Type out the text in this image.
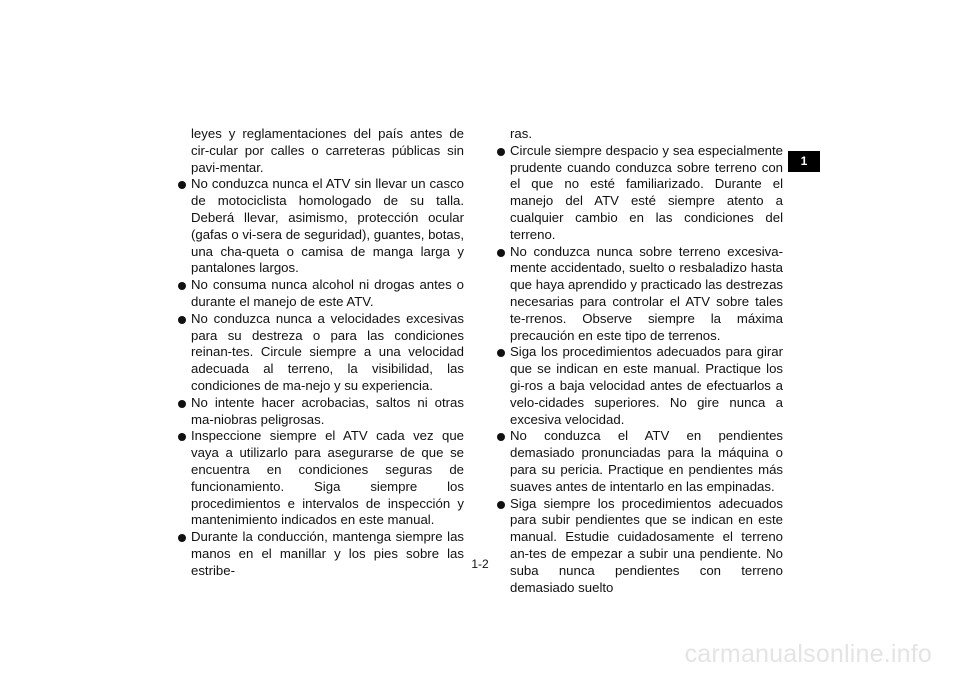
leyes y reglamentaciones del país antes de cir-cular por calles o carreteras públicas sin pavi-mentar.
No conduzca nunca el ATV sin llevar un casco de motociclista homologado de su talla. Deberá llevar, asimismo, protección ocular (gafas o vi-sera de seguridad), guantes, botas, una cha-queta o camisa de manga larga y pantalones largos.
No consuma nunca alcohol ni drogas antes o durante el manejo de este ATV.
No conduzca nunca a velocidades excesivas para su destreza o para las condiciones reinan-tes. Circule siempre a una velocidad adecuada al terreno, la visibilidad, las condiciones de ma-nejo y su experiencia.
No intente hacer acrobacias, saltos ni otras ma-niobras peligrosas.
Inspeccione siempre el ATV cada vez que vaya a utilizarlo para asegurarse de que se encuentra en condiciones seguras de funcionamiento. Siga siempre los procedimientos e intervalos de inspección y mantenimiento indicados en este manual.
Durante la conducción, mantenga siempre las manos en el manillar y los pies sobre las estribe-
ras.
Circule siempre despacio y sea especialmente prudente cuando conduzca sobre terreno con el que no esté familiarizado. Durante el manejo del ATV esté siempre atento a cualquier cambio en las condiciones del terreno.
No conduzca nunca sobre terreno excesiva-mente accidentado, suelto o resbaladizo hasta que haya aprendido y practicado las destrezas necesarias para controlar el ATV sobre tales te-rrenos. Observe siempre la máxima precaución en este tipo de terrenos.
Siga los procedimientos adecuados para girar que se indican en este manual. Practique los gi-ros a baja velocidad antes de efectuarlos a velo-cidades superiores. No gire nunca a excesiva velocidad.
No conduzca el ATV en pendientes demasiado pronunciadas para la máquina o para su pericia. Practique en pendientes más suaves antes de intentarlo en las empinadas.
Siga siempre los procedimientos adecuados para subir pendientes que se indican en este manual. Estudie cuidadosamente el terreno an-tes de empezar a subir una pendiente. No suba nunca pendientes con terreno demasiado suelto
1
1-2
carmanualsonline.info
